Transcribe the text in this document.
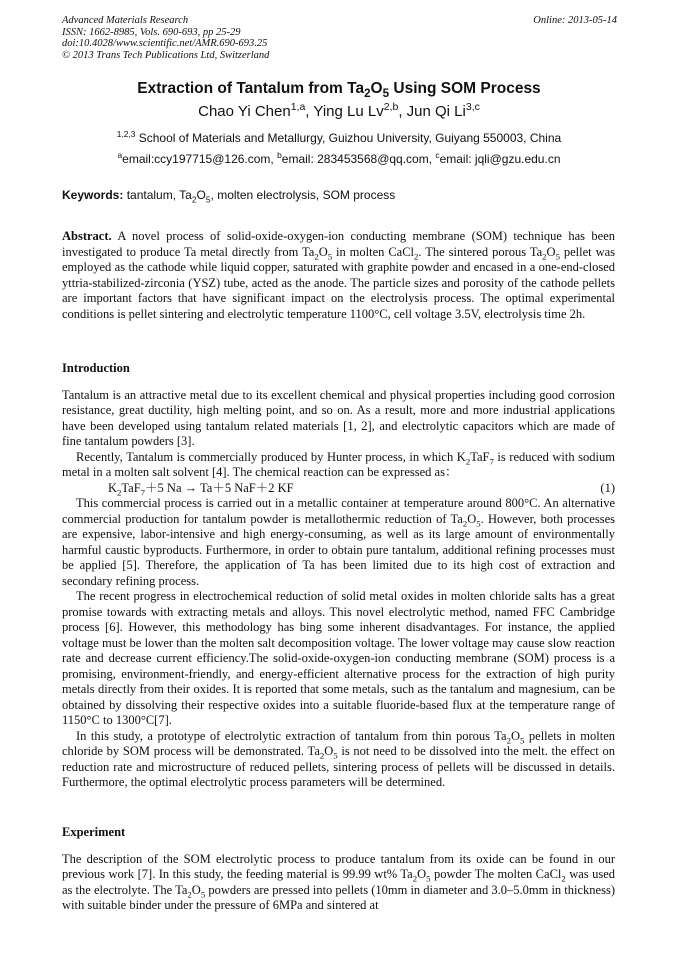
Advanced Materials Research
ISSN: 1662-8985, Vols. 690-693, pp 25-29
doi:10.4028/www.scientific.net/AMR.690-693.25
© 2013 Trans Tech Publications Ltd, Switzerland
Online: 2013-05-14
Extraction of Tantalum from $Ta_2O_5$ Using SOM Process
Chao Yi Chen$^{1,a}$, Ying Lu Lv$^{2,b}$, Jun Qi Li$^{3,c}$
$^{1,2,3}$ School of Materials and Metallurgy, Guizhou University, Guiyang 550003, China
$^a$email:ccy197715@126.com, $^b$email: 283453568@qq.com, $^c$email: jqli@gzu.edu.cn
Keywords: tantalum, $Ta_2O_5$, molten electrolysis, SOM process

Abstract. A novel process of solid-oxide-oxygen-ion conducting membrane (SOM) technique has been investigated to produce Ta metal directly from $Ta_2O_5$ in molten CaCl$_2$. The sintered porous $Ta_2O_5$ pellet was employed as the cathode while liquid copper, saturated with graphite powder and encased in a one-end-closed yttria-stabilized-zirconia (YSZ) tube, acted as the anode. The particle sizes and porosity of the cathode pellets are important factors that have significant impact on the electrolysis process. The optimal experimental conditions is pellet sintering and electrolytic temperature 1100°C, cell voltage 3.5V, electrolysis time 2h.

Introduction

Tantalum is an attractive metal due to its excellent chemical and physical properties including good corrosion resistance, great ductility, high melting point, and so on. As a result, more and more industrial applications have been developed using tantalum related materials [1, 2], and electrolytic capacitors which are made of fine tantalum powders [3].

Recently, Tantalum is commercially produced by Hunter process, in which $K_2TaF_7$ is reduced with sodium metal in a molten salt solvent [4]. The chemical reaction can be expressed as：

$K_2TaF_7+5$ Na → Ta＋5 NaF＋2 KF	(1)

This commercial process is carried out in a metallic container at temperature around 800°C. An alternative commercial production for tantalum powder is metallothermic reduction of $Ta_2O_5$. However, both processes are expensive, labor-intensive and high energy-consuming, as well as its large amount of environmentally harmful caustic byproducts. Furthermore, in order to obtain pure tantalum, additional refining processes must be applied [5]. Therefore, the application of Ta has been limited due to its high cost of extraction and secondary refining process.

The recent progress in electrochemical reduction of solid metal oxides in molten chloride salts has a great promise towards with extracting metals and alloys. This novel electrolytic method, named FFC Cambridge process [6]. However, this methodology has bing some inherent disadvantages. For instance, the applied voltage must be lower than the molten salt decomposition voltage. The lower voltage may cause slow reaction rate and decrease current efficiency.The solid-oxide-oxygen-ion conducting membrane (SOM) process is a promising, environment-friendly, and energy-efficient alternative process for the extraction of high purity metals directly from their oxides. It is reported that some metals, such as the tantalum and magnesium, can be obtained by dissolving their respective oxides into a suitable fluoride-based flux at the temperature range of 1150°C to 1300°C[7].

In this study, a prototype of electrolytic extraction of tantalum from thin porous $Ta_2O_5$ pellets in molten chloride by SOM process will be demonstrated. $Ta_2O_5$ is not need to be dissolved into the melt. the effect on reduction rate and microstructure of reduced pellets, sintering process of pellets will be discussed in details. Furthermore, the optimal electrolytic process parameters will be determined.

Experiment

The description of the SOM electrolytic process to produce tantalum from its oxide can be found in our previous work [7]. In this study, the feeding material is 99.99 wt% $Ta_2O_5$ powder The molten CaCl$_2$ was used as the electrolyte. The $Ta_2O_5$ powders are pressed into pellets (10mm in diameter and 3.0–5.0mm in thickness) with suitable binder under the pressure of 6MPa and sintered at
